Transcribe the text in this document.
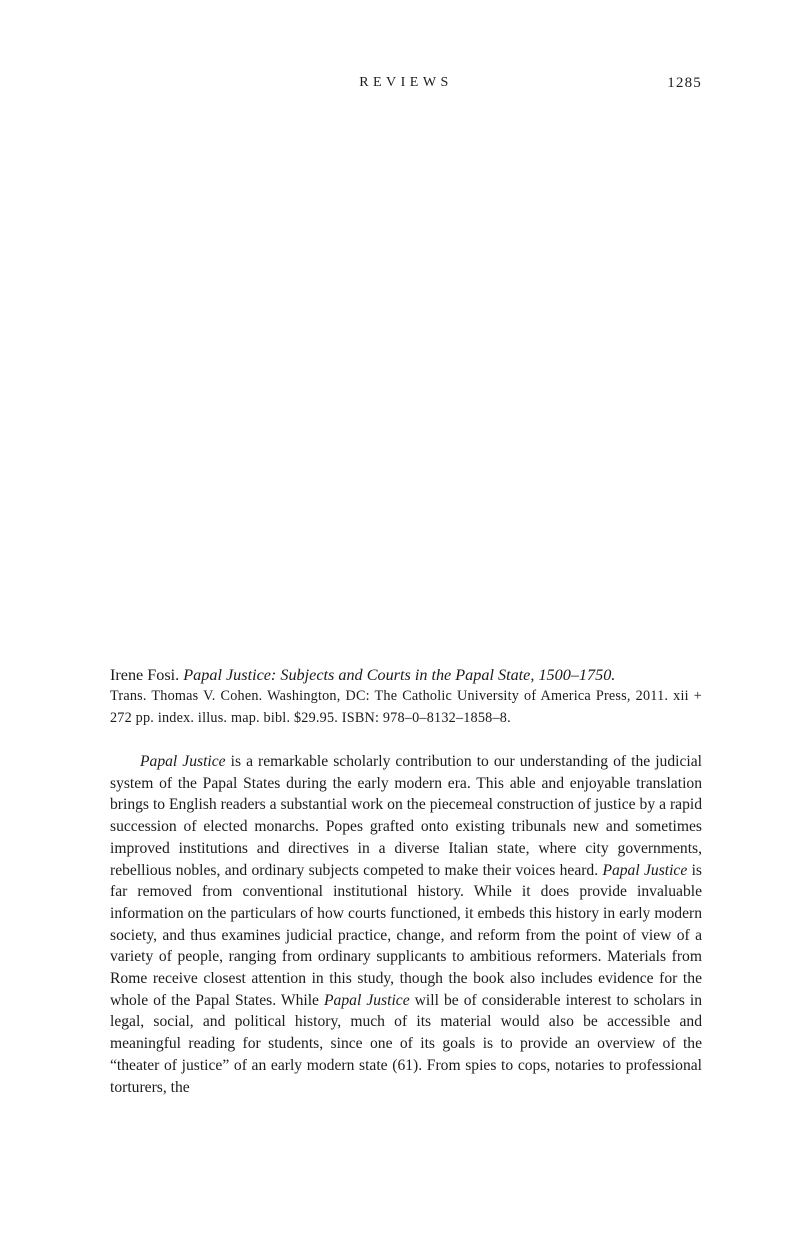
REVIEWS	1285

Irene Fosi. Papal Justice: Subjects and Courts in the Papal State, 1500–1750.

Trans. Thomas V. Cohen. Washington, DC: The Catholic University of America Press, 2011. xii + 272 pp. index. illus. map. bibl. $29.95. ISBN: 978–0–8132–1858–8.

Papal Justice is a remarkable scholarly contribution to our understanding of the judicial system of the Papal States during the early modern era. This able and enjoyable translation brings to English readers a substantial work on the piecemeal construction of justice by a rapid succession of elected monarchs. Popes grafted onto existing tribunals new and sometimes improved institutions and directives in a diverse Italian state, where city governments, rebellious nobles, and ordinary subjects competed to make their voices heard. Papal Justice is far removed from conventional institutional history. While it does provide invaluable information on the particulars of how courts functioned, it embeds this history in early modern society, and thus examines judicial practice, change, and reform from the point of view of a variety of people, ranging from ordinary supplicants to ambitious reformers. Materials from Rome receive closest attention in this study, though the book also includes evidence for the whole of the Papal States. While Papal Justice will be of considerable interest to scholars in legal, social, and political history, much of its material would also be accessible and meaningful reading for students, since one of its goals is to provide an overview of the “theater of justice” of an early modern state (61). From spies to cops, notaries to professional torturers, the
